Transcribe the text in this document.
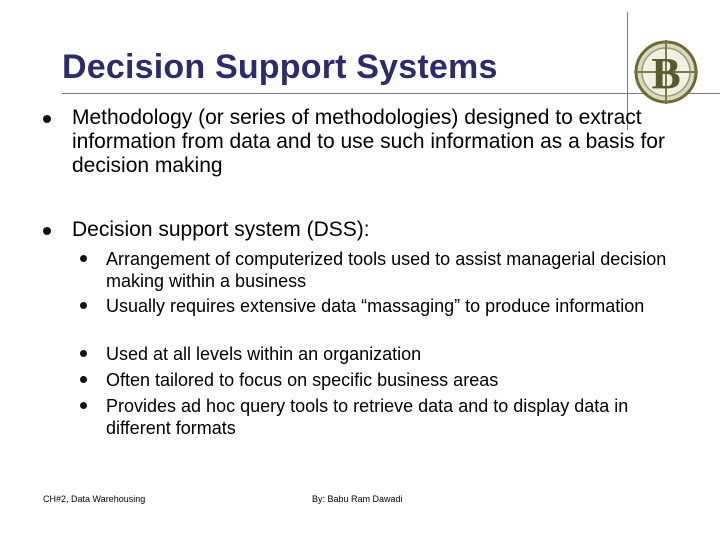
Decision Support Systems	B
Methodology (or series of methodologies) designed to extract information from data and to use such information as a basis for decision making
Decision support system (DSS):
Arrangement of computerized tools used to assist managerial decision making within a business
Usually requires extensive data “massaging” to produce information
Used at all levels within an organization
Often tailored to focus on specific business areas
Provides ad hoc query tools to retrieve data and to display data in different formats
CH#2, Data Warehousing	By: Babu Ram Dawadi
